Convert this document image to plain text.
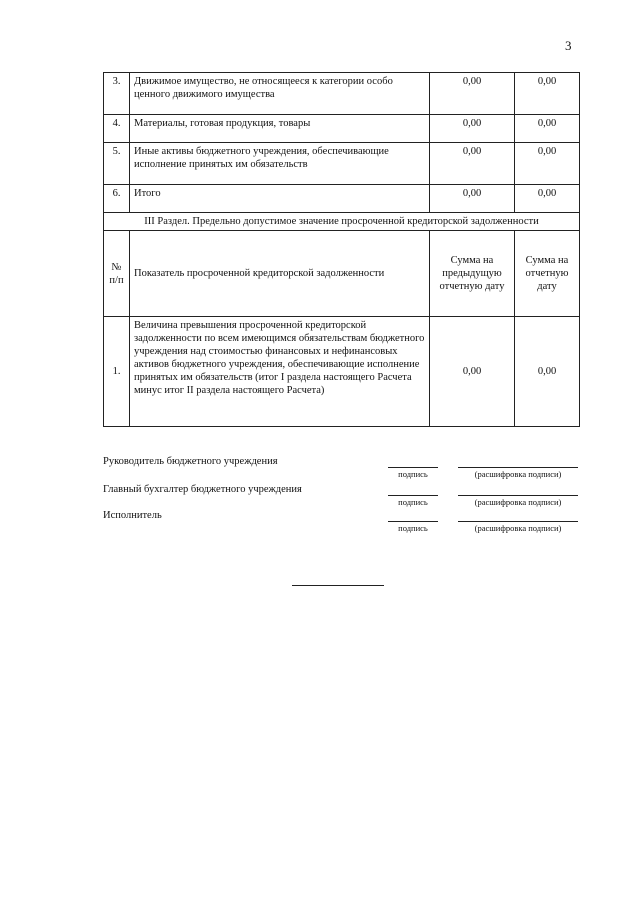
3
3.	Движимое имущество, не относящееся к категории особо ценного движимого имущества	0,00	0,00
4.	Материалы, готовая продукция, товары	0,00	0,00
5.	Иные активы бюджетного учреждения, обеспечивающие исполнение принятых им обязательств	0,00	0,00
6.	Итого	0,00	0,00
III Раздел. Предельно допустимое значение просроченной кредиторской задолженности			
№ п/п	Показатель просроченной кредиторской задолженности	Сумма на предыдущую отчетную дату	Сумма на отчетную дату
1.	Величина превышения просроченной кредиторской задолженности по всем имеющимся обязательствам бюджетного учреждения над стоимостью финансовых и нефинансовых активов бюджетного учреждения, обеспечивающие исполнение принятых им обязательств (итог I раздела настоящего Расчета минус итог II раздела настоящего Расчета)	0,00	0,00
Руководитель бюджетного учреждения
подпись	(расшифровка подписи)
Главный бухгалтер бюджетного учреждения
подпись	(расшифровка подписи)
Исполнитель
подпись	(расшифровка подписи)
